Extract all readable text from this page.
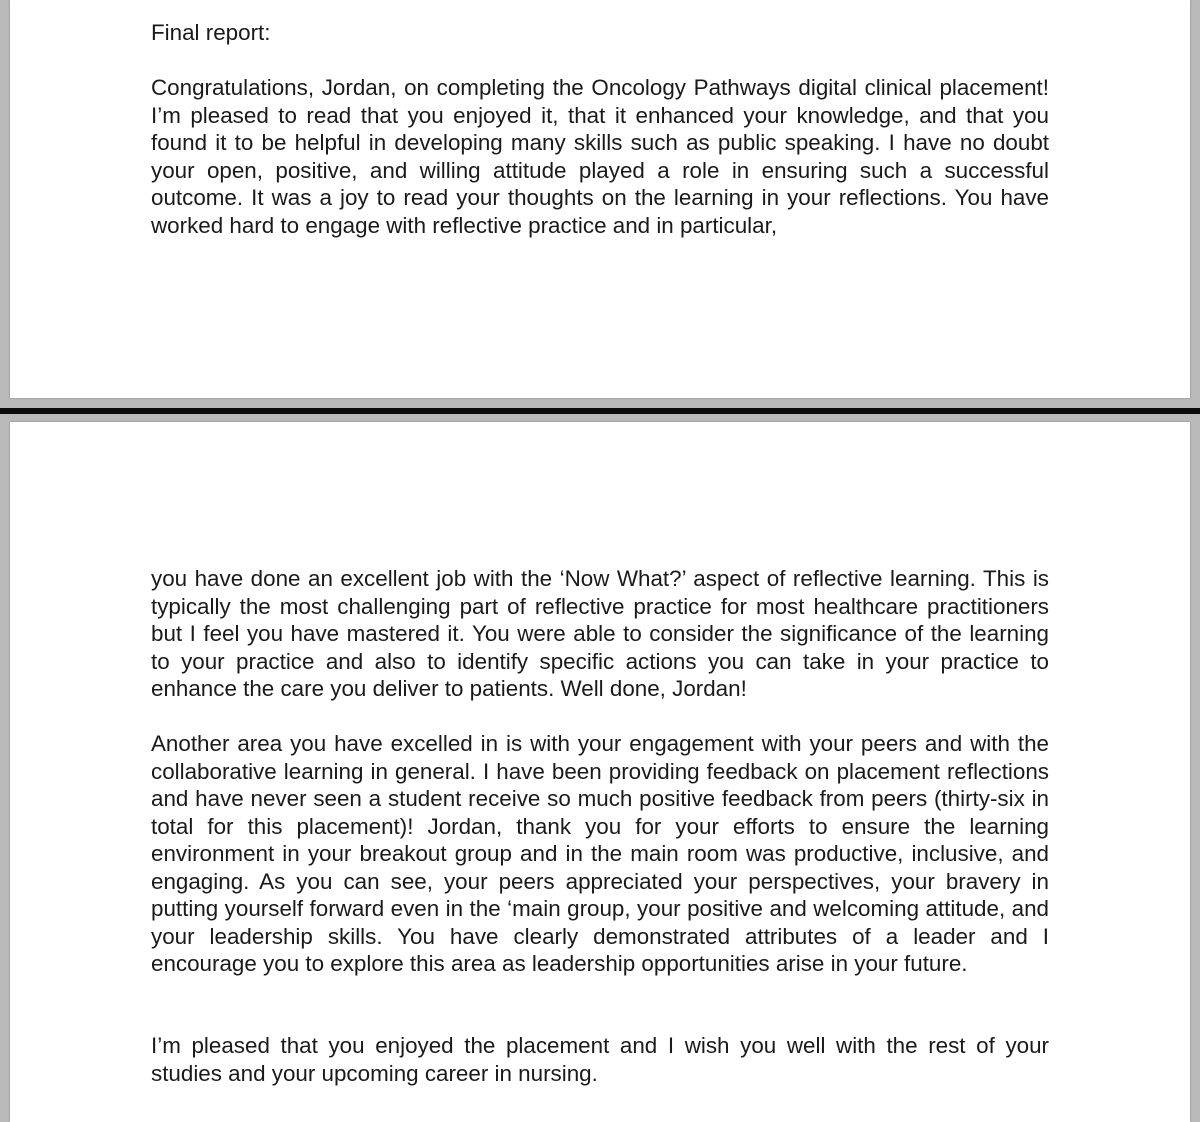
Final report:

Congratulations, Jordan, on completing the Oncology Pathways digital clinical placement! I’m pleased to read that you enjoyed it, that it enhanced your knowledge, and that you found it to be helpful in developing many skills such as public speaking. I have no doubt your open, positive, and willing attitude played a role in ensuring such a successful outcome. It was a joy to read your thoughts on the learning in your reflections. You have worked hard to engage with reflective practice and in particular,

you have done an excellent job with the ‘Now What?’ aspect of reflective learning. This is typically the most challenging part of reflective practice for most healthcare practitioners but I feel you have mastered it. You were able to consider the significance of the learning to your practice and also to identify specific actions you can take in your practice to enhance the care you deliver to patients. Well done, Jordan!

Another area you have excelled in is with your engagement with your peers and with the collaborative learning in general. I have been providing feedback on placement reflections and have never seen a student receive so much positive feedback from peers (thirty-six in total for this placement)! Jordan, thank you for your efforts to ensure the learning environment in your breakout group and in the main room was productive, inclusive, and engaging. As you can see, your peers appreciated your perspectives, your bravery in putting yourself forward even in the ‘main group, your positive and welcoming attitude, and your leadership skills. You have clearly demonstrated attributes of a leader and I encourage you to explore this area as leadership opportunities arise in your future.

I’m pleased that you enjoyed the placement and I wish you well with the rest of your studies and your upcoming career in nursing.
